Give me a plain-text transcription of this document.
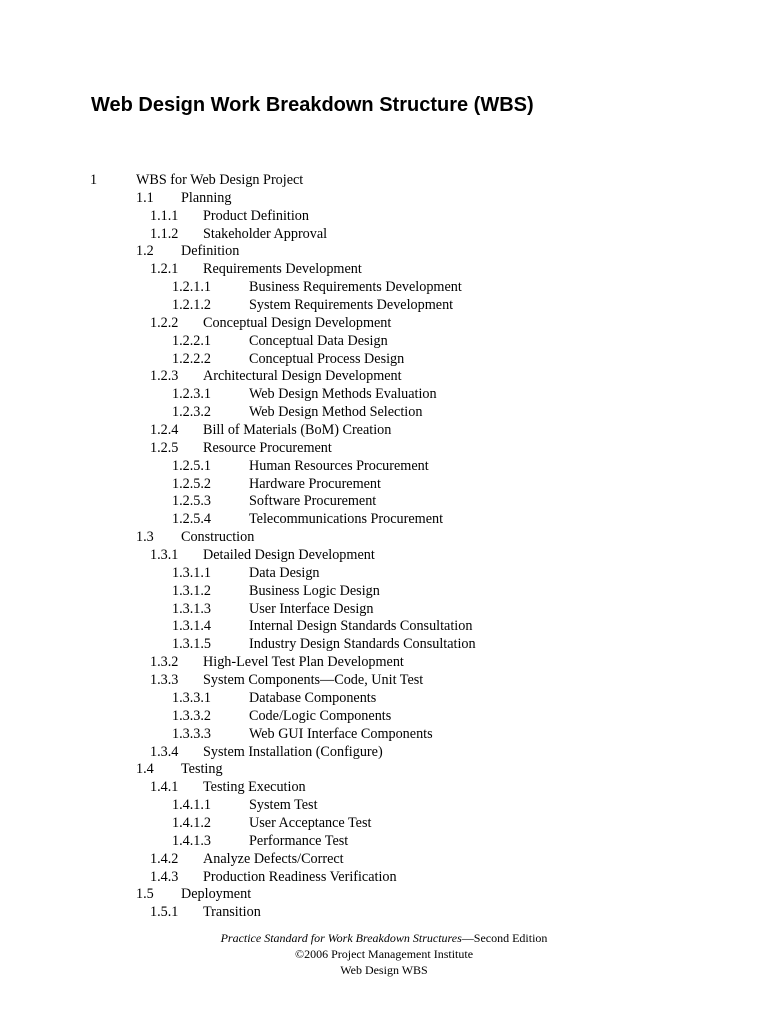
Web Design Work Breakdown Structure (WBS)
1	WBS for Web Design Project
1.1 Planning
1.1.1 Product Definition
1.1.2 Stakeholder Approval
1.2 Definition
1.2.1 Requirements Development
1.2.1.1	Business Requirements Development
1.2.1.2	System Requirements Development
1.2.2 Conceptual Design Development
1.2.2.1	Conceptual Data Design
1.2.2.2	Conceptual Process Design
1.2.3 Architectural Design Development
1.2.3.1	Web Design Methods Evaluation
1.2.3.2	Web Design Method Selection
1.2.4 Bill of Materials (BoM) Creation
1.2.5 Resource Procurement
1.2.5.1	Human Resources Procurement
1.2.5.2	Hardware Procurement
1.2.5.3	Software Procurement
1.2.5.4	Telecommunications Procurement
1.3 Construction
1.3.1 Detailed Design Development
1.3.1.1	Data Design
1.3.1.2	Business Logic Design
1.3.1.3	User Interface Design
1.3.1.4	Internal Design Standards Consultation
1.3.1.5	Industry Design Standards Consultation
1.3.2 High-Level Test Plan Development
1.3.3 System Components—Code, Unit Test
1.3.3.1	Database Components
1.3.3.2	Code/Logic Components
1.3.3.3	Web GUI Interface Components
1.3.4 System Installation (Configure)
1.4 Testing
1.4.1 Testing Execution
1.4.1.1	System Test
1.4.1.2	User Acceptance Test
1.4.1.3	Performance Test
1.4.2 Analyze Defects/Correct
1.4.3 Production Readiness Verification
1.5 Deployment
1.5.1 Transition
Practice Standard for Work Breakdown Structures—Second Edition
©2006 Project Management Institute
Web Design WBS
